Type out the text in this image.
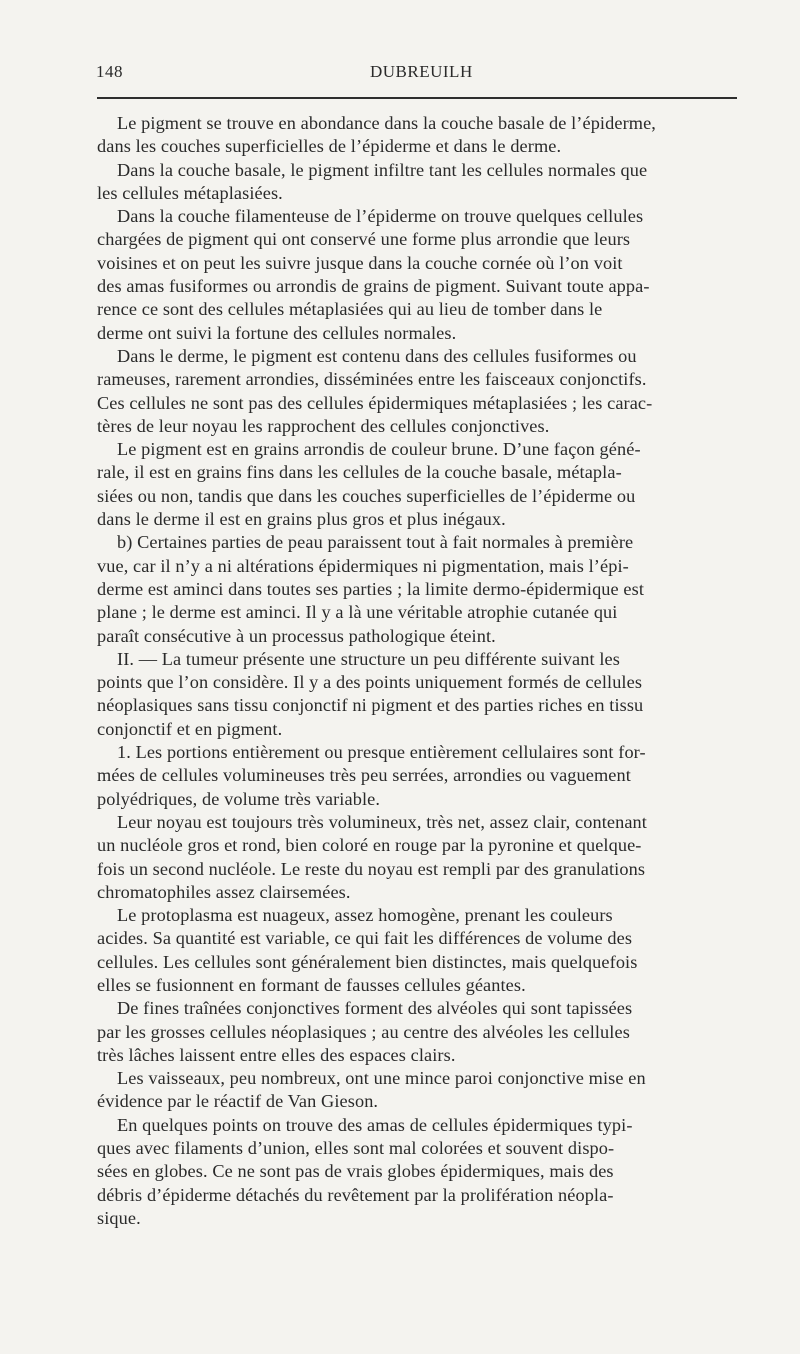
148	DUBREUILH

Le pigment se trouve en abondance dans la couche basale de l’épiderme,
dans les couches superficielles de l’épiderme et dans le derme.

Dans la couche basale, le pigment infiltre tant les cellules normales que
les cellules métaplasiées.

Dans la couche filamenteuse de l’épiderme on trouve quelques cellules
chargées de pigment qui ont conservé une forme plus arrondie que leurs
voisines et on peut les suivre jusque dans la couche cornée où l’on voit
des amas fusiformes ou arrondis de grains de pigment. Suivant toute appa-
rence ce sont des cellules métaplasiées qui au lieu de tomber dans le
derme ont suivi la fortune des cellules normales.

Dans le derme, le pigment est contenu dans des cellules fusiformes ou
rameuses, rarement arrondies, disséminées entre les faisceaux conjonctifs.
Ces cellules ne sont pas des cellules épidermiques métaplasiées ; les carac-
tères de leur noyau les rapprochent des cellules conjonctives.

Le pigment est en grains arrondis de couleur brune. D’une façon géné-
rale, il est en grains fins dans les cellules de la couche basale, métapla-
siées ou non, tandis que dans les couches superficielles de l’épiderme ou
dans le derme il est en grains plus gros et plus inégaux.

b) Certaines parties de peau paraissent tout à fait normales à première
vue, car il n’y a ni altérations épidermiques ni pigmentation, mais l’épi-
derme est aminci dans toutes ses parties ; la limite dermo-épidermique est
plane ; le derme est aminci. Il y a là une véritable atrophie cutanée qui
paraît consécutive à un processus pathologique éteint.

II. — La tumeur présente une structure un peu différente suivant les
points que l’on considère. Il y a des points uniquement formés de cellules
néoplasiques sans tissu conjonctif ni pigment et des parties riches en tissu
conjonctif et en pigment.

1. Les portions entièrement ou presque entièrement cellulaires sont for-
mées de cellules volumineuses très peu serrées, arrondies ou vaguement
polyédriques, de volume très variable.

Leur noyau est toujours très volumineux, très net, assez clair, contenant
un nucléole gros et rond, bien coloré en rouge par la pyronine et quelque-
fois un second nucléole. Le reste du noyau est rempli par des granulations
chromatophiles assez clairsemées.

Le protoplasma est nuageux, assez homogène, prenant les couleurs
acides. Sa quantité est variable, ce qui fait les différences de volume des
cellules. Les cellules sont généralement bien distinctes, mais quelquefois
elles se fusionnent en formant de fausses cellules géantes.

De fines traînées conjonctives forment des alvéoles qui sont tapissées
par les grosses cellules néoplasiques ; au centre des alvéoles les cellules
très lâches laissent entre elles des espaces clairs.

Les vaisseaux, peu nombreux, ont une mince paroi conjonctive mise en
évidence par le réactif de Van Gieson.

En quelques points on trouve des amas de cellules épidermiques typi-
ques avec filaments d’union, elles sont mal colorées et souvent dispo-
sées en globes. Ce ne sont pas de vrais globes épidermiques, mais des
débris d’épiderme détachés du revêtement par la prolifération néopla-
sique.
